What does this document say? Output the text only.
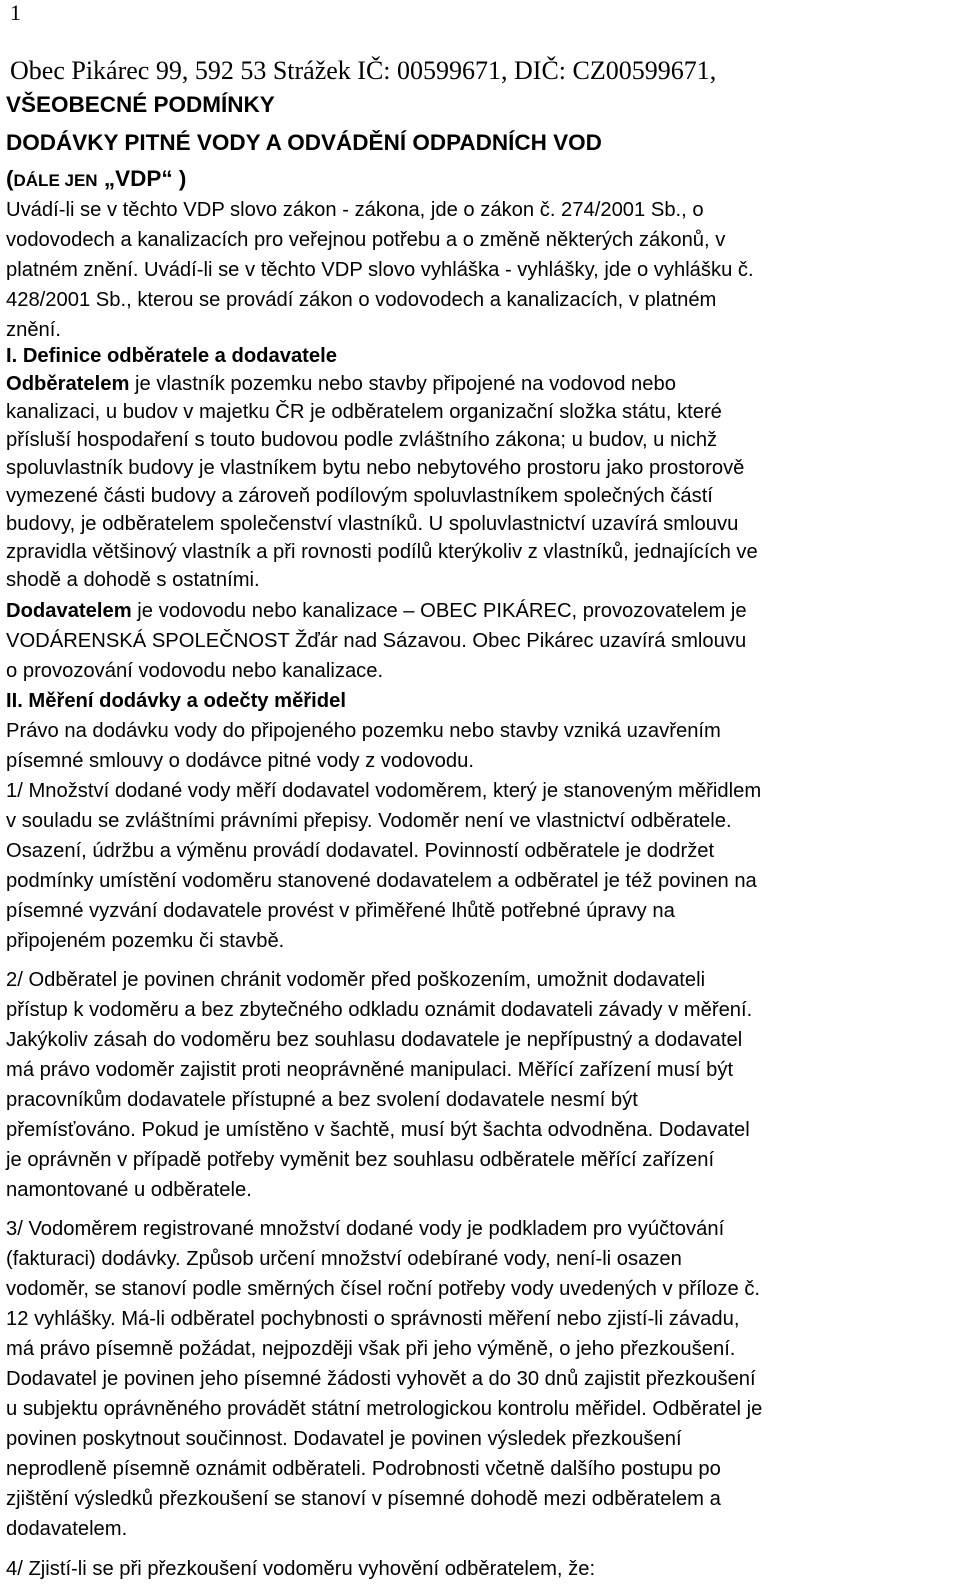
1
Obec Pikárec 99, 592 53 Strážek IČ: 00599671, DIČ: CZ00599671,
VŠEOBECNÉ PODMÍNKY
DODÁVKY PITNÉ VODY A ODVÁDĚNÍ ODPADNÍCH VOD
(DÁLE JEN „VDP“ )
Uvádí-li se v těchto VDP slovo zákon - zákona, jde o zákon č. 274/2001 Sb., o
vodovodech a kanalizacích pro veřejnou potřebu a o změně některých zákonů, v
platném znění. Uvádí-li se v těchto VDP slovo vyhláška - vyhlášky, jde o vyhlášku č.
428/2001 Sb., kterou se provádí zákon o vodovodech a kanalizacích, v platném
znění.
I. Definice odběratele a dodavatele
Odběratelem je vlastník pozemku nebo stavby připojené na vodovod nebo
kanalizaci, u budov v majetku ČR je odběratelem organizační složka státu, které
přísluší hospodaření s touto budovou podle zvláštního zákona; u budov, u nichž
spoluvlastník budovy je vlastníkem bytu nebo nebytového prostoru jako prostorově
vymezené části budovy a zároveň podílovým spoluvlastníkem společných částí
budovy, je odběratelem společenství vlastníků. U spoluvlastnictví uzavírá smlouvu
zpravidla většinový vlastník a při rovnosti podílů kterýkoliv z vlastníků, jednajících ve
shodě a dohodě s ostatními.
Dodavatelem je vodovodu nebo kanalizace – OBEC PIKÁREC, provozovatelem je
VODÁRENSKÁ SPOLEČNOST Žďár nad Sázavou. Obec Pikárec uzavírá smlouvu
o provozování vodovodu nebo kanalizace.
II. Měření dodávky a odečty měřidel
Právo na dodávku vody do připojeného pozemku nebo stavby vzniká uzavřením
písemné smlouvy o dodávce pitné vody z vodovodu.
1/ Množství dodané vody měří dodavatel vodoměrem, který je stanoveným měřidlem
v souladu se zvláštními právními přepisy. Vodoměr není ve vlastnictví odběratele.
Osazení, údržbu a výměnu provádí dodavatel. Povinností odběratele je dodržet
podmínky umístění vodoměru stanovené dodavatelem a odběratel je též povinen na
písemné vyzvání dodavatele provést v přiměřené lhůtě potřebné úpravy na
připojeném pozemku či stavbě.
2/ Odběratel je povinen chránit vodoměr před poškozením, umožnit dodavateli
přístup k vodoměru a bez zbytečného odkladu oznámit dodavateli závady v měření.
Jakýkoliv zásah do vodoměru bez souhlasu dodavatele je nepřípustný a dodavatel
má právo vodoměr zajistit proti neoprávněné manipulaci. Měřící zařízení musí být
pracovníkům dodavatele přístupné a bez svolení dodavatele nesmí být
přemísťováno. Pokud je umístěno v šachtě, musí být šachta odvodněna. Dodavatel
je oprávněn v případě potřeby vyměnit bez souhlasu odběratele měřící zařízení
namontované u odběratele.
3/ Vodoměrem registrované množství dodané vody je podkladem pro vyúčtování
(fakturaci) dodávky. Způsob určení množství odebírané vody, není-li osazen
vodoměr, se stanoví podle směrných čísel roční potřeby vody uvedených v příloze č.
12 vyhlášky. Má-li odběratel pochybnosti o správnosti měření nebo zjistí-li závadu,
má právo písemně požádat, nejpozději však při jeho výměně, o jeho přezkoušení.
Dodavatel je povinen jeho písemné žádosti vyhovět a do 30 dnů zajistit přezkoušení
u subjektu oprávněného provádět státní metrologickou kontrolu měřidel. Odběratel je
povinen poskytnout součinnost. Dodavatel je povinen výsledek přezkoušení
neprodleně písemně oznámit odběrateli. Podrobnosti včetně dalšího postupu po
zjištění výsledků přezkoušení se stanoví v písemné dohodě mezi odběratelem a
dodavatelem.
4/ Zjistí-li se při přezkoušení vodoměru vyhovění odběratelem, že:
